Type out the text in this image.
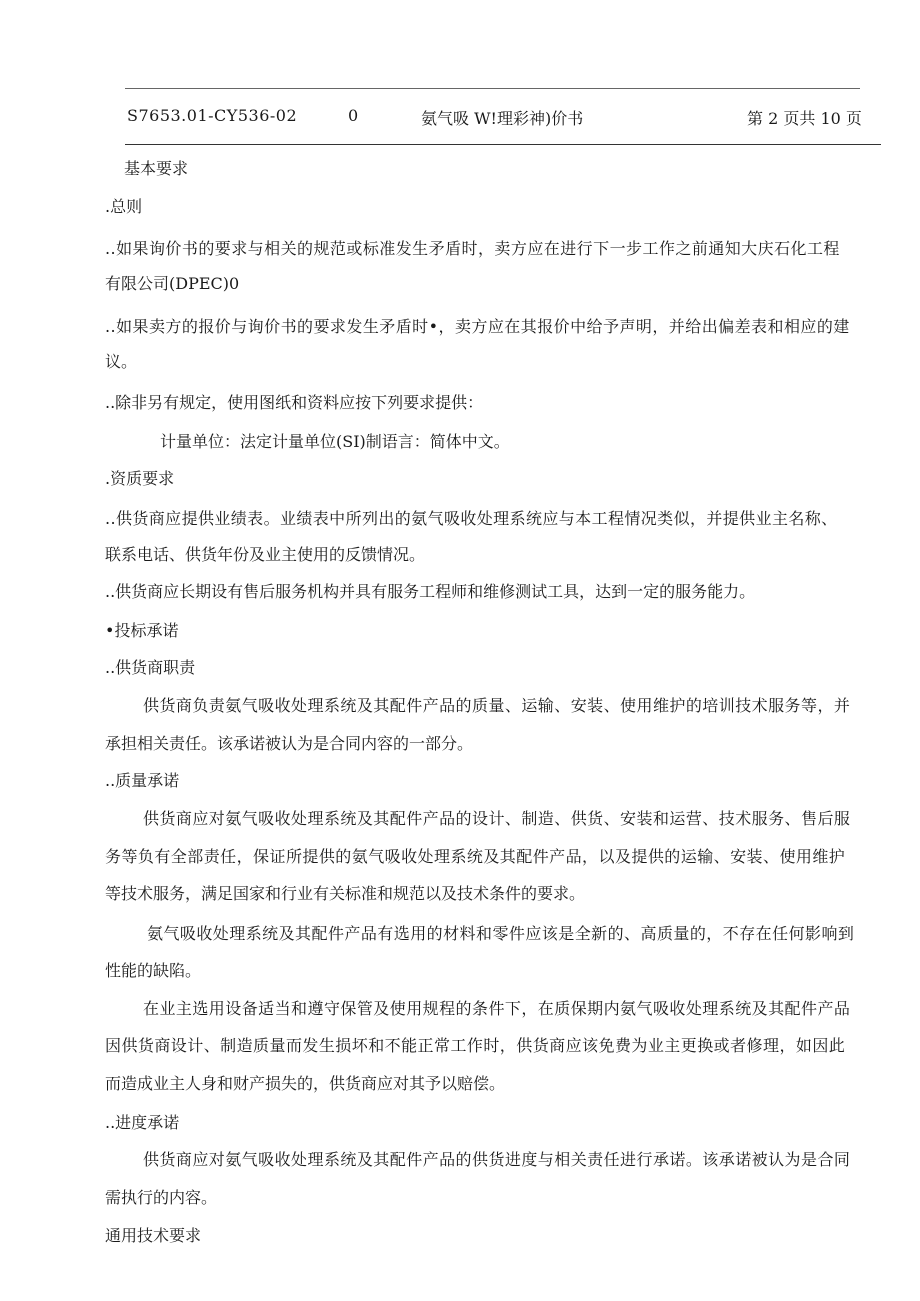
S7653.01-CY536-02	0	氨气吸 W!理彩神)价书	第 2 页共 10 页
基本要求
.总则
..如果询价书的要求与相关的规范或标准发生矛盾时，卖方应在进行下一步工作之前通知大庆石化工程
有限公司(DPEC)0
..如果卖方的报价与询价书的要求发生矛盾时•，卖方应在其报价中给予声明，并给出偏差表和相应的建
议。
..除非另有规定，使用图纸和资料应按下列要求提供：
计量单位：法定计量单位(SI)制语言：简体中文。
.资质要求
..供货商应提供业绩表。业绩表中所列出的氨气吸收处理系统应与本工程情况类似，并提供业主名称、
联系电话、供货年份及业主使用的反馈情况。
..供货商应长期设有售后服务机构并具有服务工程师和维修测试工具，达到一定的服务能力。
•投标承诺
..供货商职责
供货商负责氨气吸收处理系统及其配件产品的质量、运输、安装、使用维护的培训技术服务等，并
承担相关责任。该承诺被认为是合同内容的一部分。
..质量承诺
供货商应对氨气吸收处理系统及其配件产品的设计、制造、供货、安装和运营、技术服务、售后服
务等负有全部责任，保证所提供的氨气吸收处理系统及其配件产品，以及提供的运输、安装、使用维护
等技术服务，满足国家和行业有关标准和规范以及技术条件的要求。
氨气吸收处理系统及其配件产品有选用的材料和零件应该是全新的、高质量的，不存在任何影响到
性能的缺陷。
在业主选用设备适当和遵守保管及使用规程的条件下，在质保期内氨气吸收处理系统及其配件产品
因供货商设计、制造质量而发生损坏和不能正常工作时，供货商应该免费为业主更换或者修理，如因此
而造成业主人身和财产损失的，供货商应对其予以赔偿。
..进度承诺
供货商应对氨气吸收处理系统及其配件产品的供货进度与相关责任进行承诺。该承诺被认为是合同
需执行的内容。
通用技术要求
